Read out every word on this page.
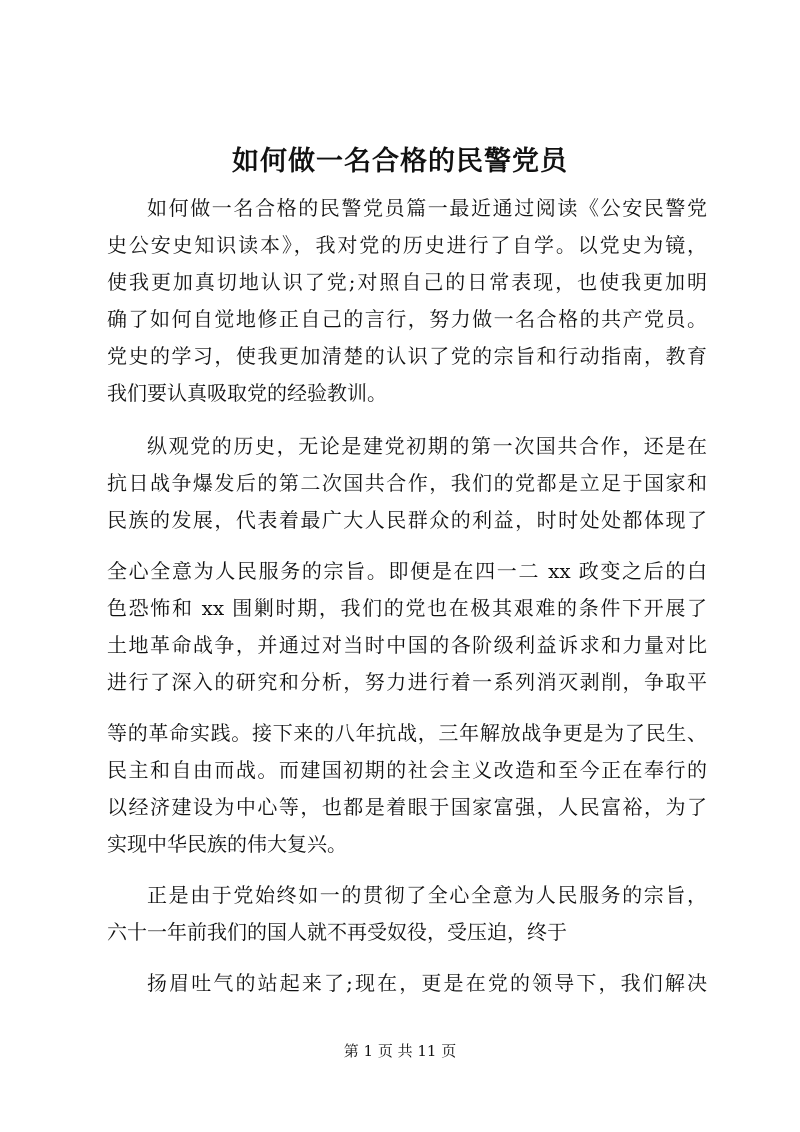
如何做一名合格的民警党员

如何做一名合格的民警党员篇一最近通过阅读《公安民警党

史公安史知识读本》，我对党的历史进行了自学。以党史为镜，

使我更加真切地认识了党;对照自己的日常表现，也使我更加明

确了如何自觉地修正自己的言行，努力做一名合格的共产党员。

党史的学习，使我更加清楚的认识了党的宗旨和行动指南，教育

我们要认真吸取党的经验教训。

纵观党的历史，无论是建党初期的第一次国共合作，还是在

抗日战争爆发后的第二次国共合作，我们的党都是立足于国家和

民族的发展，代表着最广大人民群众的利益，时时处处都体现了

全心全意为人民服务的宗旨。即便是在四一二 xx 政变之后的白

色恐怖和 xx 围剿时期，我们的党也在极其艰难的条件下开展了

土地革命战争，并通过对当时中国的各阶级利益诉求和力量对比

进行了深入的研究和分析，努力进行着一系列消灭剥削，争取平

等的革命实践。接下来的八年抗战，三年解放战争更是为了民生、

民主和自由而战。而建国初期的社会主义改造和至今正在奉行的

以经济建设为中心等，也都是着眼于国家富强，人民富裕，为了

实现中华民族的伟大复兴。

正是由于党始终如一的贯彻了全心全意为人民服务的宗旨，

六十一年前我们的国人就不再受奴役，受压迫，终于

扬眉吐气的站起来了;现在，更是在党的领导下，我们解决

第 1 页 共 11 页
